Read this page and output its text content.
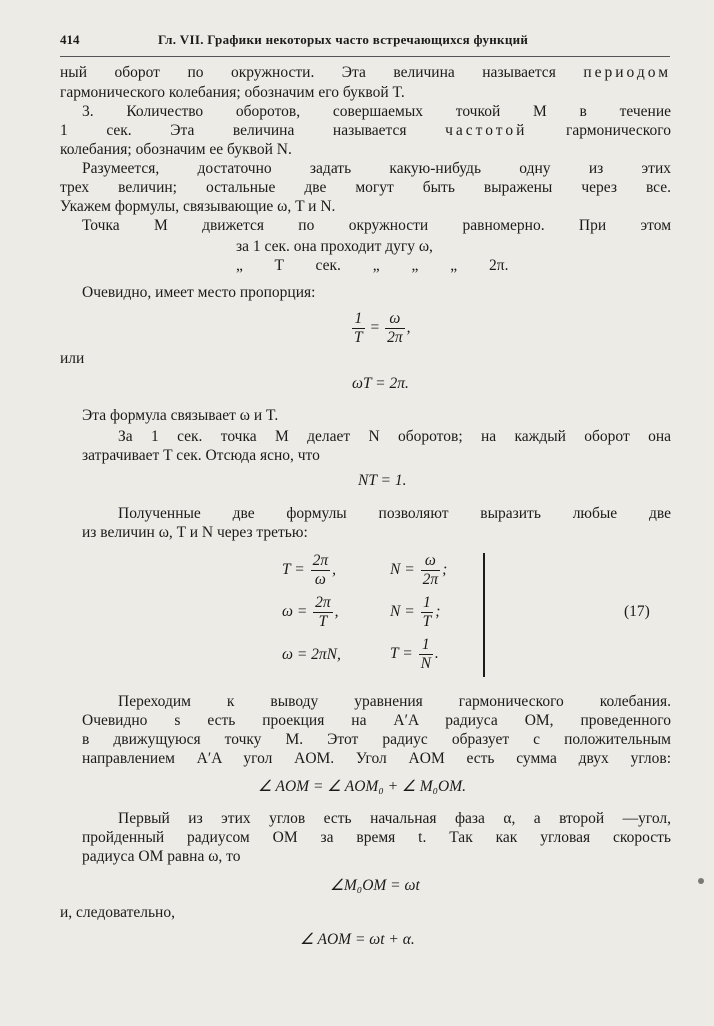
414	Гл. VII. Графики некоторых часто встречающихся функций
ный оборот по окружности. Эта величина называется периодом
гармонического колебания; обозначим его буквой T.
3. Количество оборотов, совершаемых точкой M в течение
1 сек. Эта величина называется частотой гармонического
колебания; обозначим ее буквой N.
Разумеется, достаточно задать какую-нибудь одну из этих
трех величин; остальные две могут быть выражены через все.
Укажем формулы, связывающие ω, T и N.
Точка M движется по окружности равномерно. При этом
за 1 сек. она проходит дугу ω,
„ T сек. „ „ „ 2π.
Очевидно, имеет место пропорция:
$\frac{1}{T} = \frac{\omega}{2\pi}$ ,
или
ωT = 2π.
Эта формула связывает ω и T.
За 1 сек. точка M делает N оборотов; на каждый оборот она
затрачивает T сек. Отсюда ясно, что
NT = 1.
Полученные две формулы позволяют выразить любые две
из величин ω, T и N через третью:
$T = \frac{2\pi}{\omega}$ ,	$N = \frac{\omega}{2\pi}$ ;
$\omega = \frac{2\pi}{T}$ ,	$N = \frac{1}{T}$ ;
ω = 2πN,	$T = \frac{1}{N}$ .
(17)
Переходим к выводу уравнения гармонического колебания.
Очевидно s есть проекция на A′A радиуса OM, проведенного
в движущуюся точку M. Этот радиус образует с положительным
направлением A′A угол AOM. Угол AOM есть сумма двух углов:
∠ AOM = ∠ AOM₀ + ∠ M₀OM.
Первый из этих углов есть начальная фаза α, а второй —угол,
пройденный радиусом OM за время t. Так как угловая скорость
радиуса OM равна ω, то
∠M₀OM = ωt
и, следовательно,
∠ AOM = ωt + α.
